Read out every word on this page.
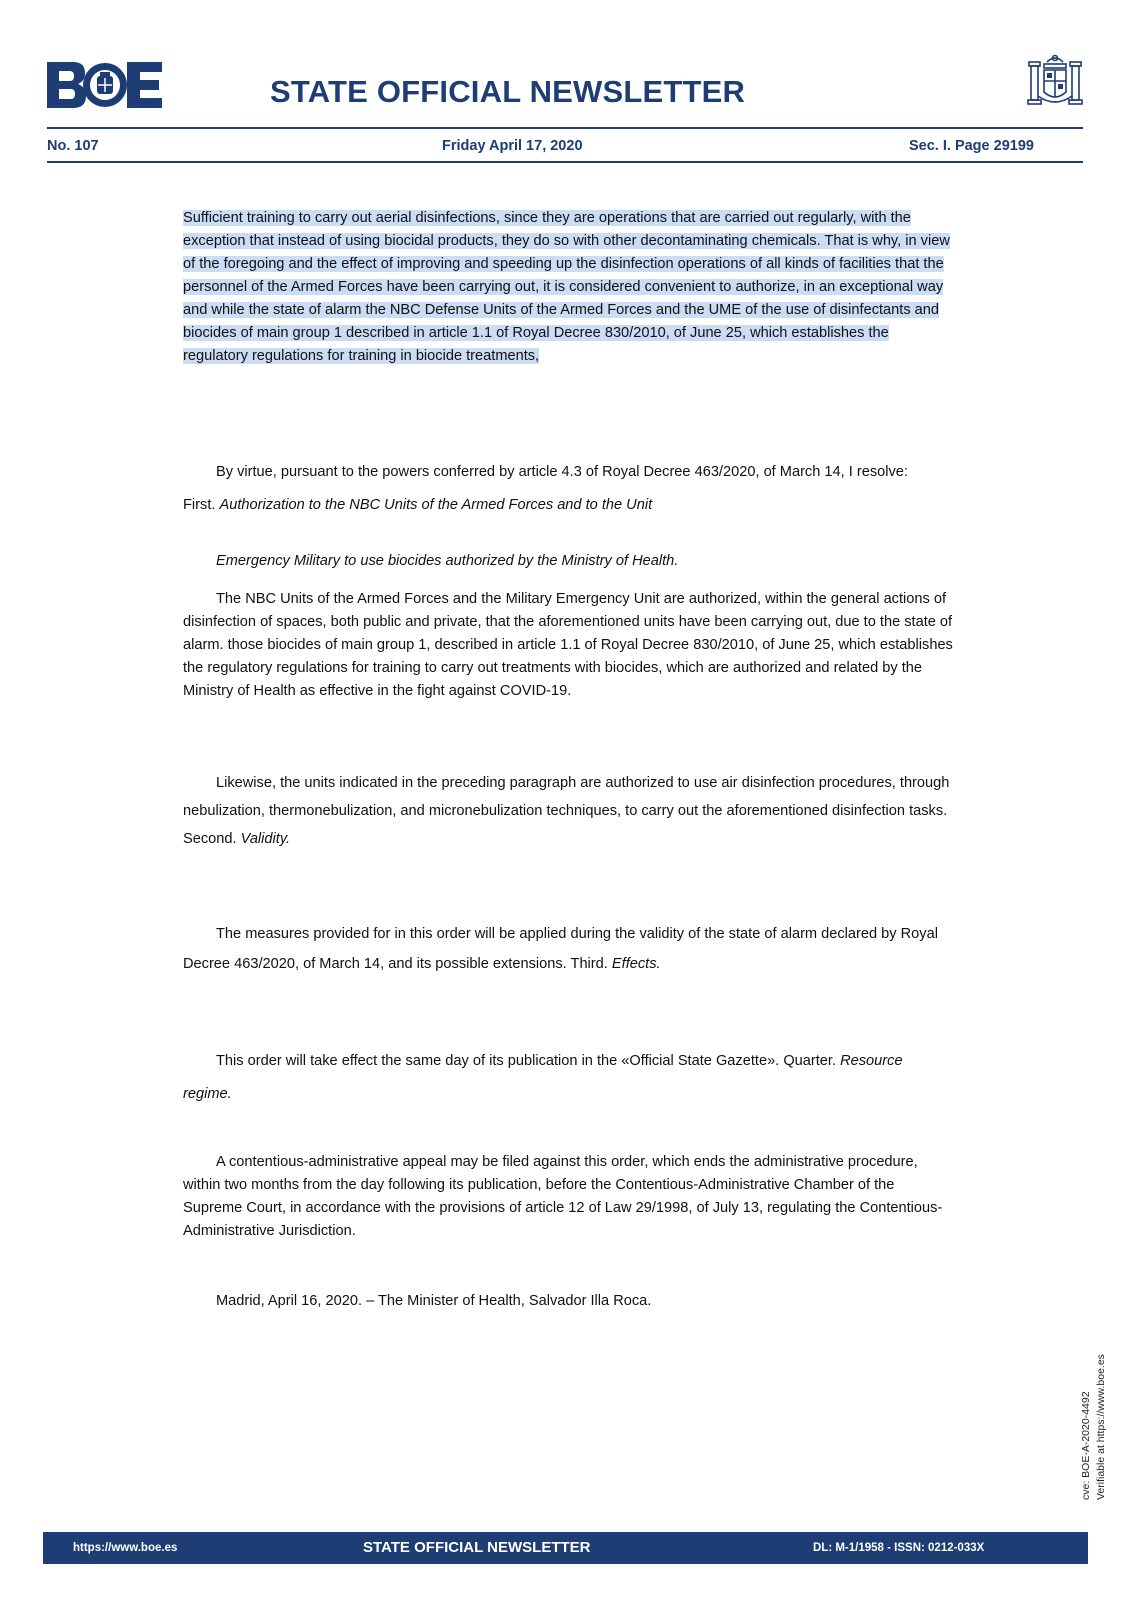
STATE OFFICIAL NEWSLETTER
No. 107	Friday April 17, 2020	Sec. I. Page 29199
Sufficient training to carry out aerial disinfections, since they are operations that are carried out regularly, with the exception that instead of using biocidal products, they do so with other decontaminating chemicals. That is why, in view of the foregoing and the effect of improving and speeding up the disinfection operations of all kinds of facilities that the personnel of the Armed Forces have been carrying out, it is considered convenient to authorize, in an exceptional way and while the state of alarm the NBC Defense Units of the Armed Forces and the UME of the use of disinfectants and biocides of main group 1 described in article 1.1 of Royal Decree 830/2010, of June 25, which establishes the regulatory regulations for training in biocide treatments,
By virtue, pursuant to the powers conferred by article 4.3 of Royal Decree 463/2020, of March 14, I resolve:
First. Authorization to the NBC Units of the Armed Forces and to the Unit
Emergency Military to use biocides authorized by the Ministry of Health.
The NBC Units of the Armed Forces and the Military Emergency Unit are authorized, within the general actions of disinfection of spaces, both public and private, that the aforementioned units have been carrying out, due to the state of alarm. those biocides of main group 1, described in article 1.1 of Royal Decree 830/2010, of June 25, which establishes the regulatory regulations for training to carry out treatments with biocides, which are authorized and related by the Ministry of Health as effective in the fight against COVID-19.
Likewise, the units indicated in the preceding paragraph are authorized to use air disinfection procedures, through nebulization, thermonebulization, and micronebulization techniques, to carry out the aforementioned disinfection tasks. Second. Validity.
The measures provided for in this order will be applied during the validity of the state of alarm declared by Royal Decree 463/2020, of March 14, and its possible extensions. Third. Effects.
This order will take effect the same day of its publication in the «Official State Gazette». Quarter. Resource regime.
A contentious-administrative appeal may be filed against this order, which ends the administrative procedure, within two months from the day following its publication, before the Contentious-Administrative Chamber of the Supreme Court, in accordance with the provisions of article 12 of Law 29/1998, of July 13, regulating the Contentious-Administrative Jurisdiction.
Madrid, April 16, 2020. – The Minister of Health, Salvador Illa Roca.
cve: BOE-A-2020-4492 Verifiable at https://www.boe.es
https://www.boe.es	STATE OFFICIAL NEWSLETTER	DL: M-1/1958 - ISSN: 0212-033X
